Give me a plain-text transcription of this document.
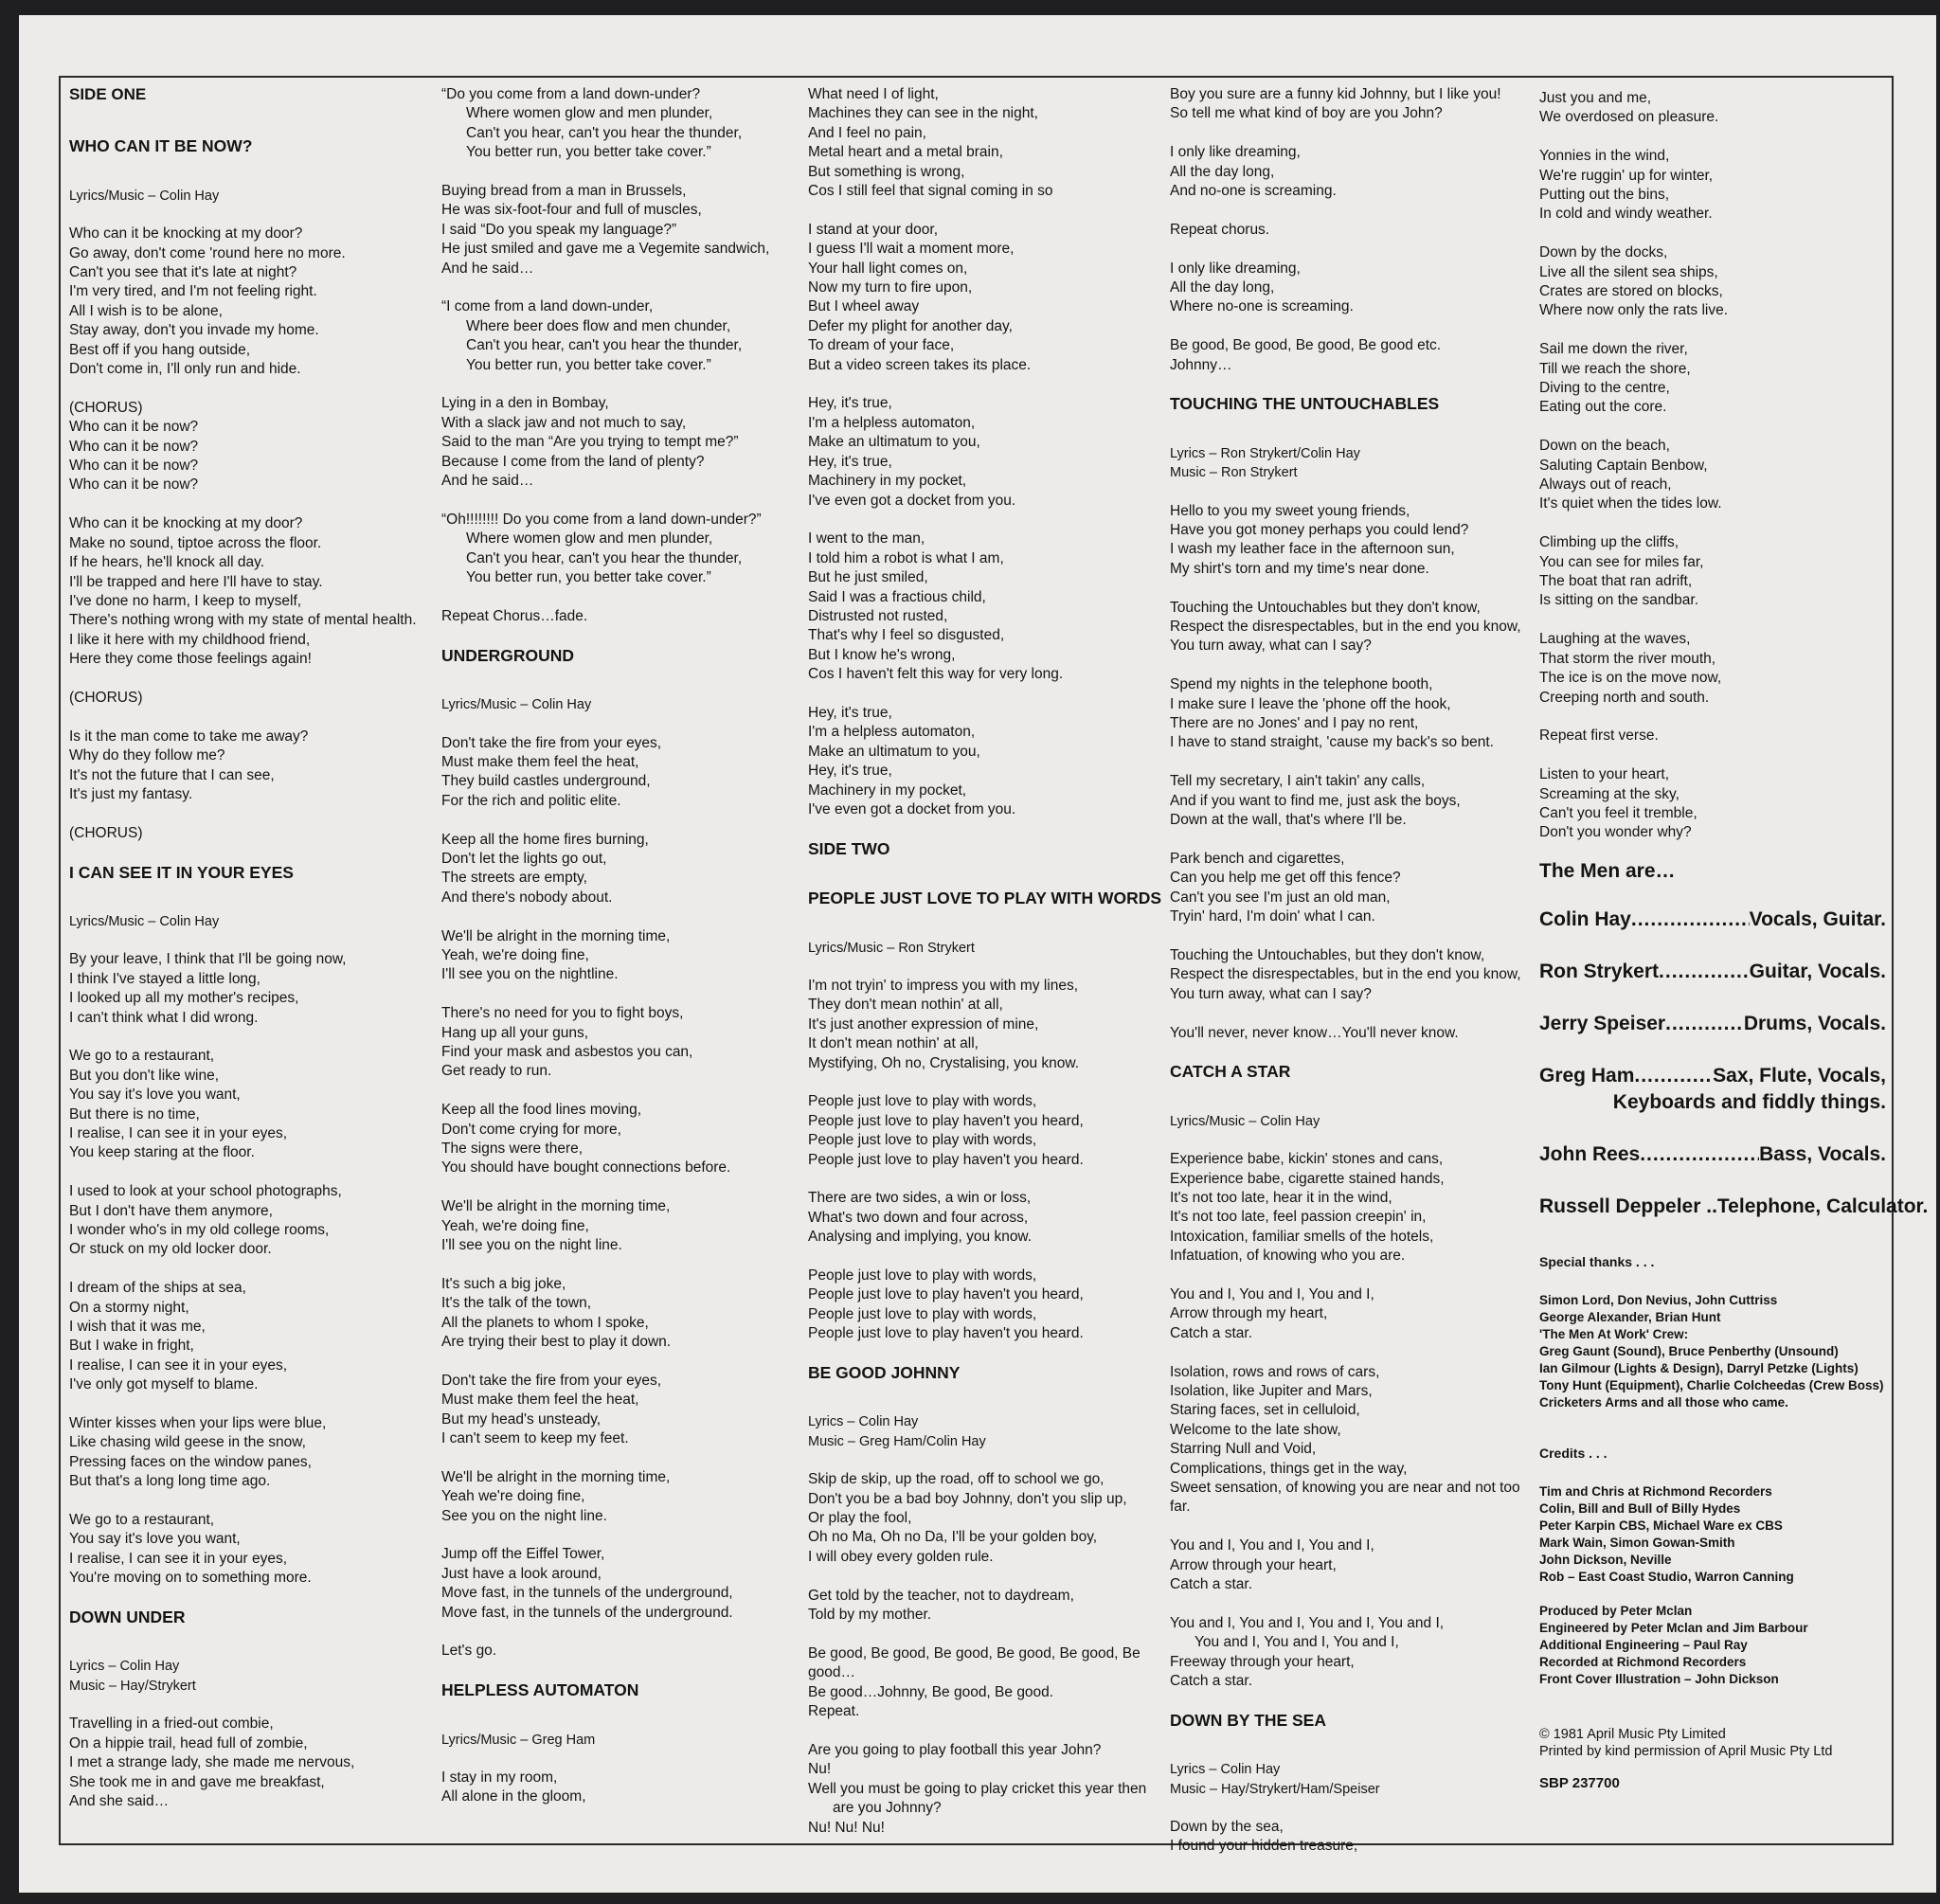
SIDE ONE
WHO CAN IT BE NOW?
Lyrics/Music – Colin Hay

Who can it be knocking at my door?
Go away, don't come 'round here no more.
Can't you see that it's late at night?
I'm very tired, and I'm not feeling right.
All I wish is to be alone,
Stay away, don't you invade my home.
Best off if you hang outside,
Don't come in, I'll only run and hide.

(CHORUS)
Who can it be now?
Who can it be now?
Who can it be now?
Who can it be now?

Who can it be knocking at my door?
Make no sound, tiptoe across the floor.
If he hears, he'll knock all day.
I'll be trapped and here I'll have to stay.
I've done no harm, I keep to myself,
There's nothing wrong with my state of mental health.
I like it here with my childhood friend,
Here they come those feelings again!

(CHORUS)

Is it the man come to take me away?
Why do they follow me?
It's not the future that I can see,
It's just my fantasy.

(CHORUS)

I CAN SEE IT IN YOUR EYES
Lyrics/Music – Colin Hay

By your leave, I think that I'll be going now,
I think I've stayed a little long,
I looked up all my mother's recipes,
I can't think what I did wrong.

We go to a restaurant,
But you don't like wine,
You say it's love you want,
But there is no time,
I realise, I can see it in your eyes,
You keep staring at the floor.

I used to look at your school photographs,
But I don't have them anymore,
I wonder who's in my old college rooms,
Or stuck on my old locker door.

I dream of the ships at sea,
On a stormy night,
I wish that it was me,
But I wake in fright,
I realise, I can see it in your eyes,
I've only got myself to blame.

Winter kisses when your lips were blue,
Like chasing wild geese in the snow,
Pressing faces on the window panes,
But that's a long long time ago.

We go to a restaurant,
You say it's love you want,
I realise, I can see it in your eyes,
You're moving on to something more.

DOWN UNDER
Lyrics – Colin Hay
Music – Hay/Strykert

Travelling in a fried-out combie,
On a hippie trail, head full of zombie,
I met a strange lady, she made me nervous,
She took me in and gave me breakfast,
And she said…

“Do you come from a land down-under?
Where women glow and men plunder,
Can't you hear, can't you hear the thunder,
You better run, you better take cover.”

Buying bread from a man in Brussels,
He was six-foot-four and full of muscles,
I said “Do you speak my language?”
He just smiled and gave me a Vegemite sandwich,
And he said…

“I come from a land down-under,
Where beer does flow and men chunder,
Can't you hear, can't you hear the thunder,
You better run, you better take cover.”

Lying in a den in Bombay,
With a slack jaw and not much to say,
Said to the man “Are you trying to tempt me?”
Because I come from the land of plenty?
And he said…

“Oh!!!!!!!! Do you come from a land down-under?”
Where women glow and men plunder,
Can't you hear, can't you hear the thunder,
You better run, you better take cover.”

Repeat Chorus…fade.

UNDERGROUND
Lyrics/Music – Colin Hay

Don't take the fire from your eyes,
Must make them feel the heat,
They build castles underground,
For the rich and politic elite.

Keep all the home fires burning,
Don't let the lights go out,
The streets are empty,
And there's nobody about.

We'll be alright in the morning time,
Yeah, we're doing fine,
I'll see you on the nightline.

There's no need for you to fight boys,
Hang up all your guns,
Find your mask and asbestos you can,
Get ready to run.

Keep all the food lines moving,
Don't come crying for more,
The signs were there,
You should have bought connections before.

We'll be alright in the morning time,
Yeah, we're doing fine,
I'll see you on the night line.

It's such a big joke,
It's the talk of the town,
All the planets to whom I spoke,
Are trying their best to play it down.

Don't take the fire from your eyes,
Must make them feel the heat,
But my head's unsteady,
I can't seem to keep my feet.

We'll be alright in the morning time,
Yeah we're doing fine,
See you on the night line.

Jump off the Eiffel Tower,
Just have a look around,
Move fast, in the tunnels of the underground,
Move fast, in the tunnels of the underground.

Let's go.

HELPLESS AUTOMATON
Lyrics/Music – Greg Ham

I stay in my room,
All alone in the gloom,

What need I of light,
Machines they can see in the night,
And I feel no pain,
Metal heart and a metal brain,
But something is wrong,
Cos I still feel that signal coming in so

I stand at your door,
I guess I'll wait a moment more,
Your hall light comes on,
Now my turn to fire upon,
But I wheel away
Defer my plight for another day,
To dream of your face,
But a video screen takes its place.

Hey, it's true,
I'm a helpless automaton,
Make an ultimatum to you,
Hey, it's true,
Machinery in my pocket,
I've even got a docket from you.

I went to the man,
I told him a robot is what I am,
But he just smiled,
Said I was a fractious child,
Distrusted not rusted,
That's why I feel so disgusted,
But I know he's wrong,
Cos I haven't felt this way for very long.

Hey, it's true,
I'm a helpless automaton,
Make an ultimatum to you,
Hey, it's true,
Machinery in my pocket,
I've even got a docket from you.

SIDE TWO
PEOPLE JUST LOVE TO PLAY WITH WORDS
Lyrics/Music – Ron Strykert

I'm not tryin' to impress you with my lines,
They don't mean nothin' at all,
It's just another expression of mine,
It don't mean nothin' at all,
Mystifying, Oh no, Crystalising, you know.

People just love to play with words,
People just love to play haven't you heard,
People just love to play with words,
People just love to play haven't you heard.

There are two sides, a win or loss,
What's two down and four across,
Analysing and implying, you know.

People just love to play with words,
People just love to play haven't you heard,
People just love to play with words,
People just love to play haven't you heard.

BE GOOD JOHNNY
Lyrics – Colin Hay
Music – Greg Ham/Colin Hay

Skip de skip, up the road, off to school we go,
Don't you be a bad boy Johnny, don't you slip up,
Or play the fool,
Oh no Ma, Oh no Da, I'll be your golden boy,
I will obey every golden rule.

Get told by the teacher, not to daydream,
Told by my mother.

Be good, Be good, Be good, Be good, Be good, Be good…
Be good…Johnny, Be good, Be good.
Repeat.

Are you going to play football this year John?
Nu!
Well you must be going to play cricket this year then

are you Johnny?
Nu! Nu! Nu!

Boy you sure are a funny kid Johnny, but I like you!
So tell me what kind of boy are you John?

I only like dreaming,
All the day long,
And no-one is screaming.

Repeat chorus.

I only like dreaming,
All the day long,
Where no-one is screaming.

Be good, Be good, Be good, Be good etc.
Johnny…

TOUCHING THE UNTOUCHABLES
Lyrics – Ron Strykert/Colin Hay
Music – Ron Strykert

Hello to you my sweet young friends,
Have you got money perhaps you could lend?
I wash my leather face in the afternoon sun,
My shirt's torn and my time's near done.

Touching the Untouchables but they don't know,
Respect the disrespectables, but in the end you know,
You turn away, what can I say?

Spend my nights in the telephone booth,
I make sure I leave the 'phone off the hook,
There are no Jones' and I pay no rent,
I have to stand straight, 'cause my back's so bent.

Tell my secretary, I ain't takin' any calls,
And if you want to find me, just ask the boys,
Down at the wall, that's where I'll be.

Park bench and cigarettes,
Can you help me get off this fence?
Can't you see I'm just an old man,
Tryin' hard, I'm doin' what I can.

Touching the Untouchables, but they don't know,
Respect the disrespectables, but in the end you know,
You turn away, what can I say?

You'll never, never know…You'll never know.

CATCH A STAR
Lyrics/Music – Colin Hay

Experience babe, kickin' stones and cans,
Experience babe, cigarette stained hands,
It's not too late, hear it in the wind,
It's not too late, feel passion creepin' in,
Intoxication, familiar smells of the hotels,
Infatuation, of knowing who you are.

You and I, You and I, You and I,
Arrow through my heart,
Catch a star.

Isolation, rows and rows of cars,
Isolation, like Jupiter and Mars,
Staring faces, set in celluloid,
Welcome to the late show,
Starring Null and Void,
Complications, things get in the way,
Sweet sensation, of knowing you are near and not too far.

You and I, You and I, You and I,
Arrow through your heart,
Catch a star.

You and I, You and I, You and I, You and I,
You and I, You and I, You and I,

Freeway through your heart,
Catch a star.

DOWN BY THE SEA
Lyrics – Colin Hay
Music – Hay/Strykert/Ham/Speiser

Down by the sea,
I found your hidden treasure,

Just you and me,
We overdosed on pleasure.

Yonnies in the wind,
We're ruggin' up for winter,
Putting out the bins,
In cold and windy weather.

Down by the docks,
Live all the silent sea ships,
Crates are stored on blocks,
Where now only the rats live.

Sail me down the river,
Till we reach the shore,
Diving to the centre,
Eating out the core.

Down on the beach,
Saluting Captain Benbow,
Always out of reach,
It's quiet when the tides low.

Climbing up the cliffs,
You can see for miles far,
The boat that ran adrift,
Is sitting on the sandbar.

Laughing at the waves,
That storm the river mouth,
The ice is on the move now,
Creeping north and south.

Repeat first verse.

Listen to your heart,
Screaming at the sky,
Can't you feel it tremble,
Don't you wonder why?

The Men are…
Colin Hay .....	Vocals, Guitar.
Ron Strykert .....	Guitar, Vocals.
Jerry Speiser .....	Drums, Vocals.
Greg Ham .....	Sax, Flute, Vocals,
Keyboards and fiddly things.
John Rees .....	Bass, Vocals.
Russell Deppeler .. Telephone, Calculator.
Special thanks . . .
Simon Lord, Don Nevius, John Cuttriss
George Alexander, Brian Hunt
'The Men At Work' Crew:
Greg Gaunt (Sound), Bruce Penberthy (Unsound)
Ian Gilmour (Lights & Design), Darryl Petzke (Lights)
Tony Hunt (Equipment), Charlie Colcheedas (Crew Boss)
Cricketers Arms and all those who came.
Credits . . .
Tim and Chris at Richmond Recorders
Colin, Bill and Bull of Billy Hydes
Peter Karpin CBS, Michael Ware ex CBS
Mark Wain, Simon Gowan-Smith
John Dickson, Neville
Rob – East Coast Studio, Warron Canning
Produced by Peter Mclan
Engineered by Peter Mclan and Jim Barbour
Additional Engineering – Paul Ray
Recorded at Richmond Recorders
Front Cover Illustration – John Dickson
© 1981 April Music Pty Limited
Printed by kind permission of April Music Pty Ltd
SBP 237700
